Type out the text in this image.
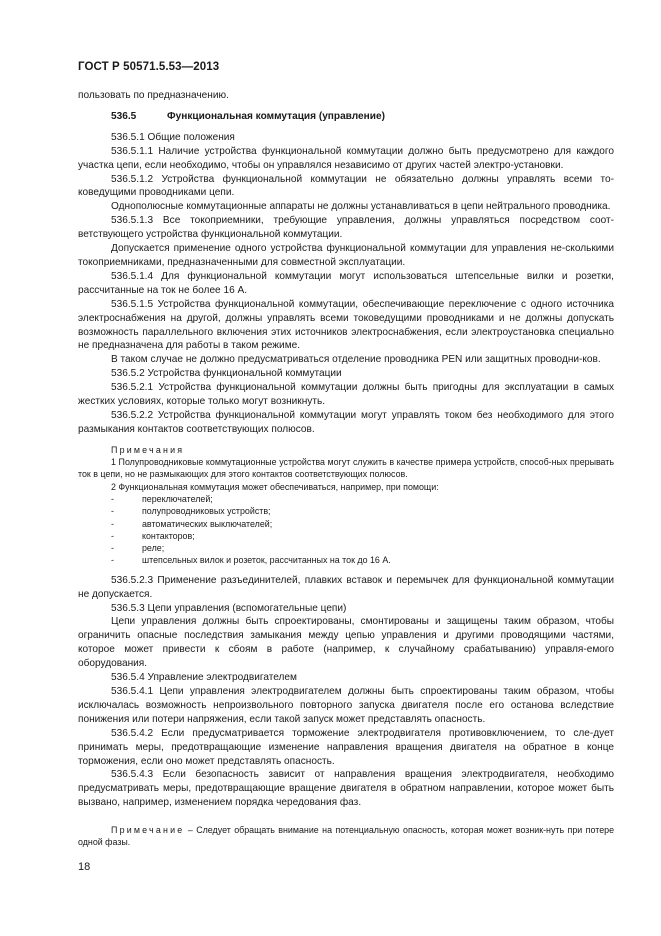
ГОСТ Р 50571.5.53—2013

пользовать по предназначению.

536.5	Функциональная коммутация (управление)

536.5.1 Общие положения

536.5.1.1 Наличие устройства функциональной коммутации должно быть предусмотрено для каждого участка цепи, если необходимо, чтобы он управлялся независимо от других частей электро-установки.

536.5.1.2 Устройства функциональной коммутации не обязательно должны управлять всеми то-коведущими проводниками цепи.

Однополюсные коммутационные аппараты не должны устанавливаться в цепи нейтрального проводника.

536.5.1.3 Все токоприемники, требующие управления, должны управляться посредством соот-ветствующего устройства функциональной коммутации.

Допускается применение одного устройства функциональной коммутации для управления не-сколькими токоприемниками, предназначенными для совместной эксплуатации.

536.5.1.4 Для функциональной коммутации могут использоваться штепсельные вилки и розетки, рассчитанные на ток не более 16 А.

536.5.1.5 Устройства функциональной коммутации, обеспечивающие переключение с одного источника электроснабжения на другой, должны управлять всеми токоведущими проводниками и не должны допускать возможность параллельного включения этих источников электроснабжения, если электроустановка специально не предназначена для работы в таком режиме.

В таком случае не должно предусматриваться отделение проводника PEN или защитных проводни-ков.

536.5.2 Устройства функциональной коммутации

536.5.2.1 Устройства функциональной коммутации должны быть пригодны для эксплуатации в самых жестких условиях, которые только могут возникнуть.

536.5.2.2 Устройства функциональной коммутации могут управлять током без необходимого для этого размыкания контактов соответствующих полюсов.

Примечания

1 Полупроводниковые коммутационные устройства могут служить в качестве примера устройств, способ-ных прерывать ток в цепи, но не размыкающих для этого контактов соответствующих полюсов.

2 Функциональная коммутация может обеспечиваться, например, при помощи:

-	переключателей;

-	полупроводниковых устройств;

-	автоматических выключателей;

-	контакторов;

-	реле;

-	штепсельных вилок и розеток, рассчитанных на ток до 16 А.

536.5.2.3 Применение разъединителей, плавких вставок и перемычек для функциональной коммутации не допускается.

536.5.3 Цепи управления (вспомогательные цепи)

Цепи управления должны быть спроектированы, смонтированы и защищены таким образом, чтобы ограничить опасные последствия замыкания между цепью управления и другими проводящими частями, которое может привести к сбоям в работе (например, к случайному срабатыванию) управля-емого оборудования.

536.5.4 Управление электродвигателем

536.5.4.1 Цепи управления электродвигателем должны быть спроектированы таким образом, чтобы исключалась возможность непроизвольного повторного запуска двигателя после его останова вследствие понижения или потери напряжения, если такой запуск может представлять опасность.

536.5.4.2 Если предусматривается торможение электродвигателя противовключением, то сле-дует принимать меры, предотвращающие изменение направления вращения двигателя на обратное в конце торможения, если оно может представлять опасность.

536.5.4.3 Если безопасность зависит от направления вращения электродвигателя, необходимо предусматривать меры, предотвращающие вращение двигателя в обратном направлении, которое может быть вызвано, например, изменением порядка чередования фаз.

Примечание – Следует обращать внимание на потенциальную опасность, которая может возник-нуть при потере одной фазы.

18
